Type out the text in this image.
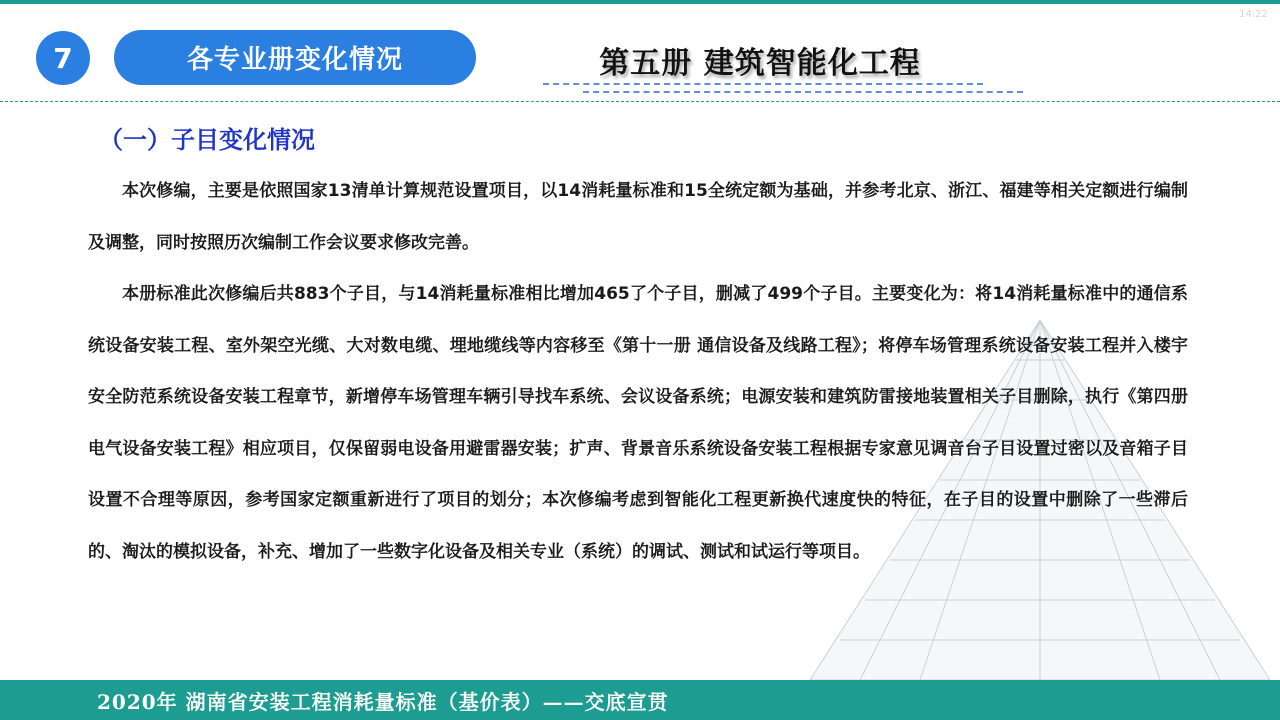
14:22
7	各专业册变化情况	第五册 建筑智能化工程
（一）子目变化情况

本次修编，主要是依照国家13清单计算规范设置项目，以14消耗量标准和15全统定额为基础，并参考北京、浙江、福建等相关定额进行编制及调整，同时按照历次编制工作会议要求修改完善。

本册标准此次修编后共883个子目，与14消耗量标准相比增加465了个子目，删减了499个子目。主要变化为：将14消耗量标准中的通信系统设备安装工程、室外架空光缆、大对数电缆、埋地缆线等内容移至《第十一册 通信设备及线路工程》；将停车场管理系统设备安装工程并入楼宇安全防范系统设备安装工程章节，新增停车场管理车辆引导找车系统、会议设备系统；电源安装和建筑防雷接地装置相关子目删除，执行《第四册 电气设备安装工程》相应项目，仅保留弱电设备用避雷器安装；扩声、背景音乐系统设备安装工程根据专家意见调音台子目设置过密以及音箱子目设置不合理等原因，参考国家定额重新进行了项目的划分；本次修编考虑到智能化工程更新换代速度快的特征，在子目的设置中删除了一些滞后的、淘汰的模拟设备，补充、增加了一些数字化设备及相关专业（系统）的调试、测试和试运行等项目。

2020年 湖南省安装工程消耗量标准（基价表）——交底宣贯
